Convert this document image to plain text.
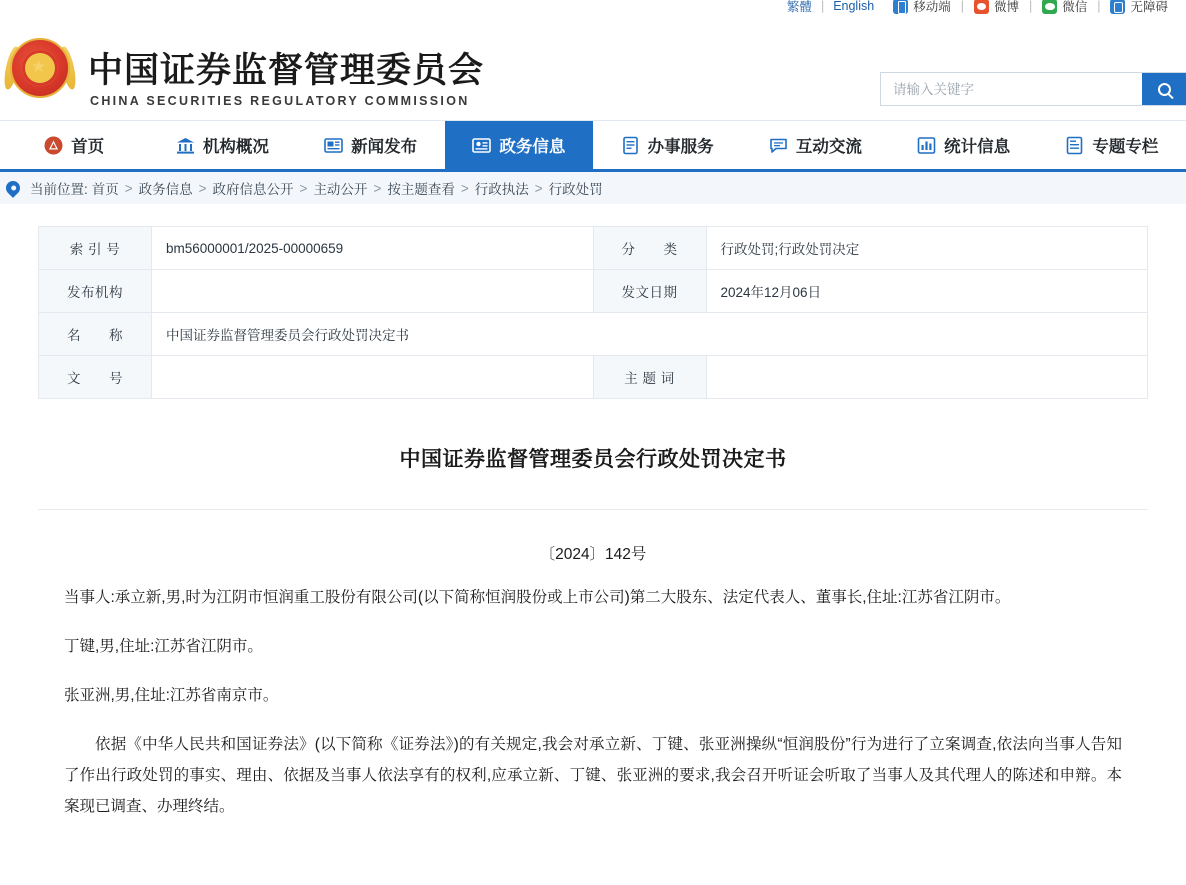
繁體 | English	移动端 | 微博 | 微信 | 无障碍
★ 中国证券监督管理委员会
CHINA SECURITIES REGULATORY COMMISSION
请输入关键字
首页	机构概况	新闻发布	政务信息	办事服务	互动交流	统计信息	专题专栏
当前位置: 首页 > 政务信息 > 政府信息公开 > 主动公开 > 按主题查看 > 行政执法 > 行政处罚
索 引 号	bm56000001/2025-00000659	分　　类	行政处罚;行政处罚决定
发布机构		发文日期	2024年12月06日
名　　称	中国证券监督管理委员会行政处罚决定书		
文　　号		主 题 词	
中国证券监督管理委员会行政处罚决定书
〔2024〕142号

当事人:承立新,男,时为江阴市恒润重工股份有限公司(以下简称恒润股份或上市公司)第二大股东、法定代表人、董事长,住址:江苏省江阴市。

丁键,男,住址:江苏省江阴市。

张亚洲,男,住址:江苏省南京市。

依据《中华人民共和国证券法》(以下简称《证券法》)的有关规定,我会对承立新、丁键、张亚洲操纵“恒润股份”行为进行了立案调查,依法向当事人告知了作出行政处罚的事实、理由、依据及当事人依法享有的权利,应承立新、丁键、张亚洲的要求,我会召开听证会听取了当事人及其代理人的陈述和申辩。本案现已调查、办理终结。
